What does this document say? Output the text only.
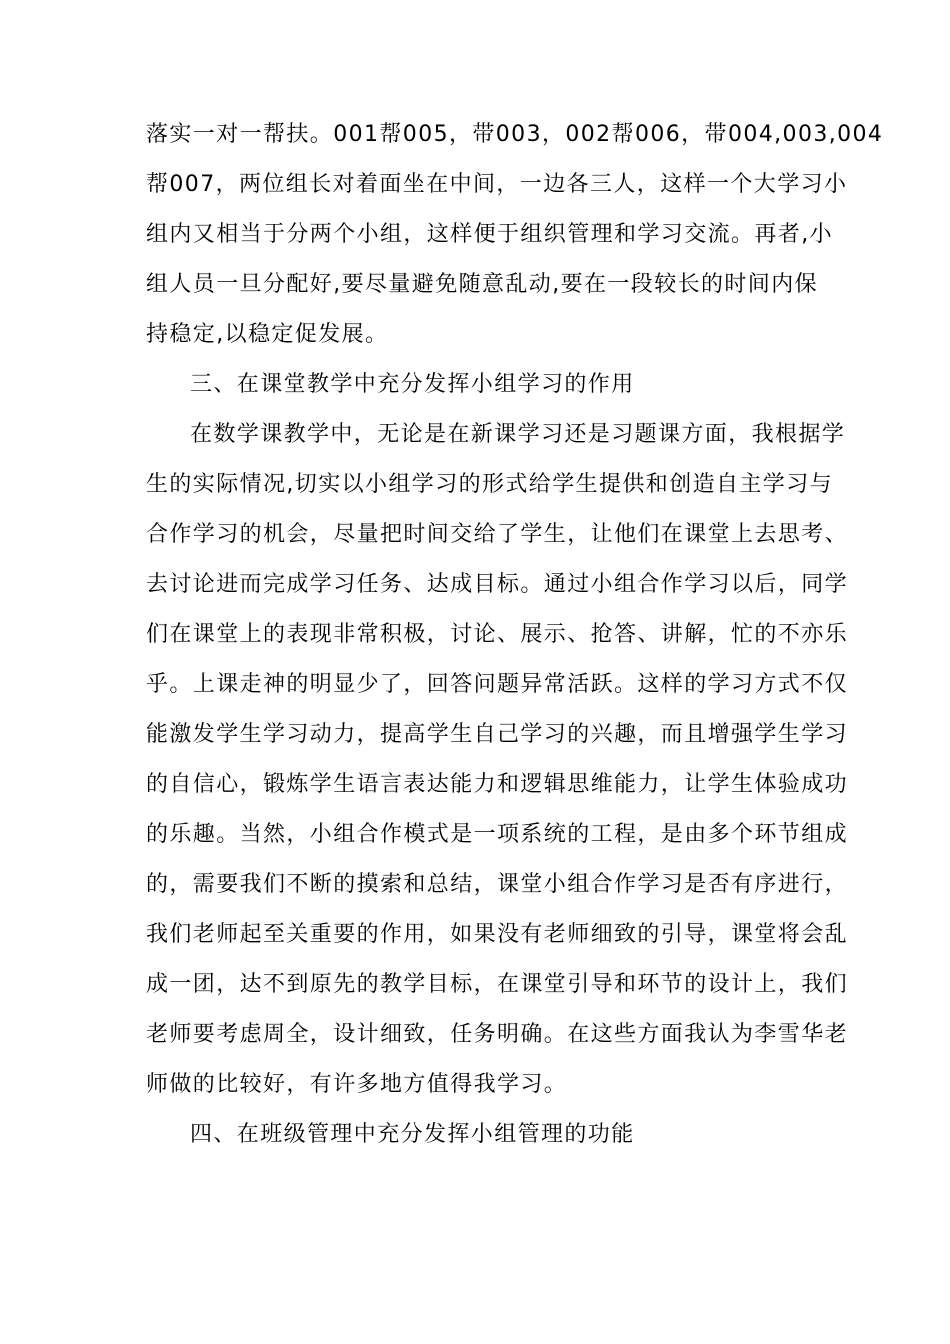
落实一对一帮扶。001帮005，带003，002帮006，带004,003,004
帮007，两位组长对着面坐在中间，一边各三人，这样一个大学习小
组内又相当于分两个小组，这样便于组织管理和学习交流。再者,小
组人员一旦分配好,要尽量避免随意乱动,要在一段较长的时间内保
持稳定,以稳定促发展。
三、在课堂教学中充分发挥小组学习的作用
在数学课教学中，无论是在新课学习还是习题课方面，我根据学
生的实际情况,切实以小组学习的形式给学生提供和创造自主学习与
合作学习的机会，尽量把时间交给了学生，让他们在课堂上去思考、
去讨论进而完成学习任务、达成目标。通过小组合作学习以后，同学
们在课堂上的表现非常积极，讨论、展示、抢答、讲解，忙的不亦乐
乎。上课走神的明显少了，回答问题异常活跃。这样的学习方式不仅
能激发学生学习动力，提高学生自己学习的兴趣，而且增强学生学习
的自信心，锻炼学生语言表达能力和逻辑思维能力，让学生体验成功
的乐趣。当然，小组合作模式是一项系统的工程，是由多个环节组成
的，需要我们不断的摸索和总结，课堂小组合作学习是否有序进行，
我们老师起至关重要的作用，如果没有老师细致的引导，课堂将会乱
成一团，达不到原先的教学目标，在课堂引导和环节的设计上，我们
老师要考虑周全，设计细致，任务明确。在这些方面我认为李雪华老
师做的比较好，有许多地方值得我学习。
四、在班级管理中充分发挥小组管理的功能
